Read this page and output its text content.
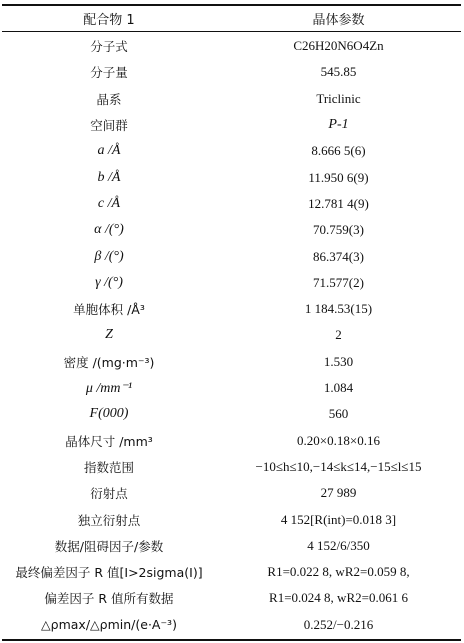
配合物 1	晶体参数
分子式	C26H20N6O4Zn
分子量	545.85
晶系	Triclinic
空间群	P-1
a /Å	8.666 5(6)
b /Å	11.950 6(9)
c /Å	12.781 4(9)
α /(°)	70.759(3)
β /(°)	86.374(3)
γ /(°)	71.577(2)
单胞体积 /Å³	1 184.53(15)
Z	2
密度 /(mg·m⁻³)	1.530
μ /mm⁻¹	1.084
F(000)	560
晶体尺寸 /mm³	0.20×0.18×0.16
指数范围	−10≤h≤10,−14≤k≤14,−15≤l≤15
衍射点	27 989
独立衍射点	4 152[R(int)=0.018 3]
数据/阻碍因子/参数	4 152/6/350
最终偏差因子 R 值[I>2sigma(I)]	R1=0.022 8, wR2=0.059 8,
偏差因子 R 值所有数据	R1=0.024 8, wR2=0.061 6
△ρmax/△ρmin/(e·A⁻³)	0.252/−0.216
